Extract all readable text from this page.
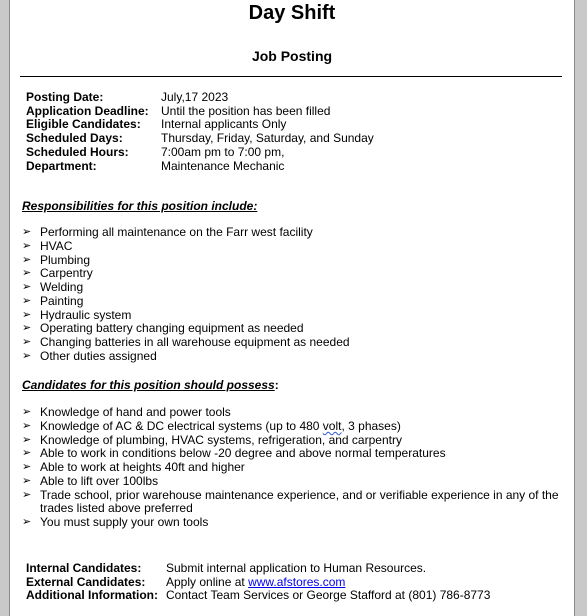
Day Shift
Job Posting
Posting Date:	July,17 2023
Application Deadline:	Until the position has been filled
Eligible Candidates:	Internal applicants Only
Scheduled Days:	Thursday, Friday, Saturday, and Sunday
Scheduled Hours:	7:00am pm to 7:00 pm,
Department:	Maintenance Mechanic
Responsibilities for this position include:
➢ Performing all maintenance on the Farr west facility
➢ HVAC
➢ Plumbing
➢ Carpentry
➢ Welding
➢ Painting
➢ Hydraulic system
➢ Operating battery changing equipment as needed
➢ Changing batteries in all warehouse equipment as needed
➢ Other duties assigned
Candidates for this position should possess:
➢ Knowledge of hand and power tools
➢ Knowledge of AC & DC electrical systems (up to 480 volt, 3 phases)
➢ Knowledge of plumbing, HVAC systems, refrigeration, and carpentry
➢ Able to work in conditions below -20 degree and above normal temperatures
➢ Able to work at heights 40ft and higher
➢ Able to lift over 100lbs
➢ Trade school, prior warehouse maintenance experience, and or verifiable experience in any of the trades listed above preferred
➢ You must supply your own tools
Internal Candidates:	Submit internal application to Human Resources.
External Candidates:	Apply online at www.afstores.com
Additional Information: Contact Team Services or George Stafford at (801) 786-8773
